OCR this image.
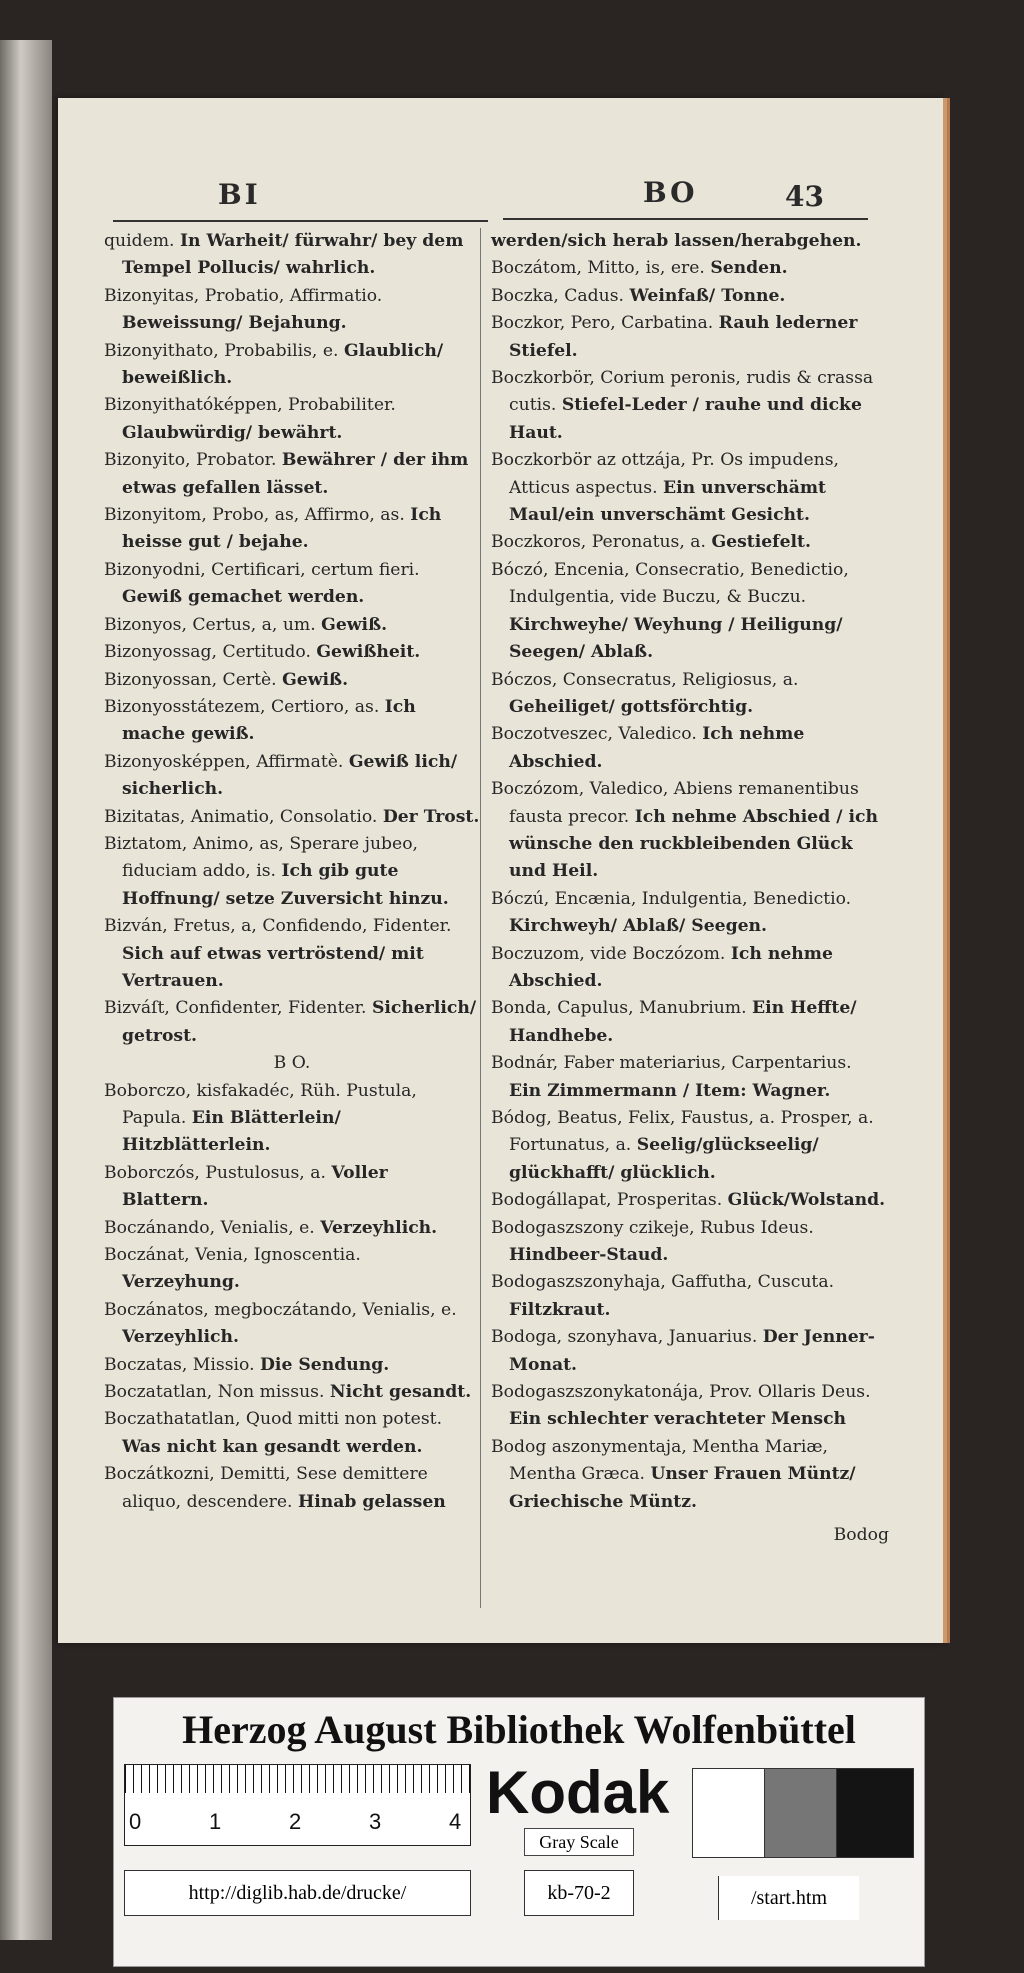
BI	BO	43

quidem. In Warheit/ fürwahr/ bey dem Tempel Pollucis/ wahrlich.

Bizonyitas, Probatio, Affirmatio. Beweissung/ Bejahung.

Bizonyithato, Probabilis, e. Glaublich/ beweißlich.

Bizonyithatóképpen, Probabiliter. Glaubwürdig/ bewährt.

Bizonyito, Probator. Bewährer / der ihm etwas gefallen lässet.

Bizonyitom, Probo, as, Affirmo, as. Ich heisse gut / bejahe.

Bizonyodni, Certificari, certum fieri. Gewiß gemachet werden.

Bizonyos, Certus, a, um. Gewiß.

Bizonyossag, Certitudo. Gewißheit.

Bizonyossan, Certè. Gewiß.

Bizonyosstátezem, Certioro, as. Ich mache gewiß.

Bizonyosképpen, Affirmatè. Gewiß lich/ sicherlich.

Bizitatas, Animatio, Consolatio. Der Trost.

Biztatom, Animo, as, Sperare jubeo, fiduciam addo, is. Ich gib gute Hoffnung/ setze Zuversicht hinzu.

Bizván, Fretus, a, Confidendo, Fidenter. Sich auf etwas vertröstend/ mit Vertrauen.

Bizváſt, Confidenter, Fidenter. Sicherlich/ getrost.

B O.

Boborczo, kisfakadéc, Rüh. Pustula, Papula. Ein Blätterlein/ Hitzblätterlein.

Boborczós, Pustulosus, a. Voller Blattern.

Boczánando, Venialis, e. Verzeyhlich.

Boczánat, Venia, Ignoscentia. Verzeyhung.

Boczánatos, megboczátando, Venialis, e. Verzeyhlich.

Boczatas, Missio. Die Sendung.

Boczatatlan, Non missus. Nicht gesandt.

Boczathatatlan, Quod mitti non potest. Was nicht kan gesandt werden.

Boczátkozni, Demitti, Sese demittere aliquo, descendere. Hinab gelassen

werden/sich herab lassen/herabgehen.

Boczátom, Mitto, is, ere. Senden.

Boczka, Cadus. Weinfaß/ Tonne.

Boczkor, Pero, Carbatina. Rauh lederner Stiefel.

Boczkorbör, Corium peronis, rudis & crassa cutis. Stiefel-Leder / rauhe und dicke Haut.

Boczkorbör az ottzája, Pr. Os impudens, Atticus aspectus. Ein unverschämt Maul/ein unverschämt Gesicht.

Boczkoros, Peronatus, a. Gestiefelt.

Bóczó, Encenia, Consecratio, Benedictio, Indulgentia, vide Buczu, & Buczu. Kirchweyhe/ Weyhung / Heiligung/ Seegen/ Ablaß.

Bóczos, Consecratus, Religiosus, a. Geheiliget/ gottsförchtig.

Boczotveszec, Valedico. Ich nehme Abschied.

Boczózom, Valedico, Abiens remanentibus fausta precor. Ich nehme Abschied / ich wünsche den ruckbleibenden Glück und Heil.

Bóczú, Encænia, Indulgentia, Benedictio. Kirchweyh/ Ablaß/ Seegen.

Boczuzom, vide Boczózom. Ich nehme Abschied.

Bonda, Capulus, Manubrium. Ein Heffte/ Handhebe.

Bodnár, Faber materiarius, Carpentarius. Ein Zimmermann / Item: Wagner.

Bódog, Beatus, Felix, Faustus, a. Prosper, a. Fortunatus, a. Seelig/glückseelig/ glückhafft/ glücklich.

Bodogállapat, Prosperitas. Glück/Wolstand.

Bodogaszszony czikeje, Rubus Ideus. Hindbeer-Staud.

Bodogaszszonyhaja, Gaffutha, Cuscuta. Filtzkraut.

Bodoga, szonyhava, Januarius. Der Jenner-Monat.

Bodogaszszonykatonája, Prov. Ollaris Deus. Ein schlechter verachteter Mensch

Bodog aszonymentaja, Mentha Mariæ, Mentha Græca. Unser Frauen Müntz/ Griechische Müntz.

Bodog

Herzog August Bibliothek Wolfenbüttel
0	1	2	3	4 Kodak
Gray Scale
http://diglib.hab.de/drucke/	kb-70-2	/start.htm
